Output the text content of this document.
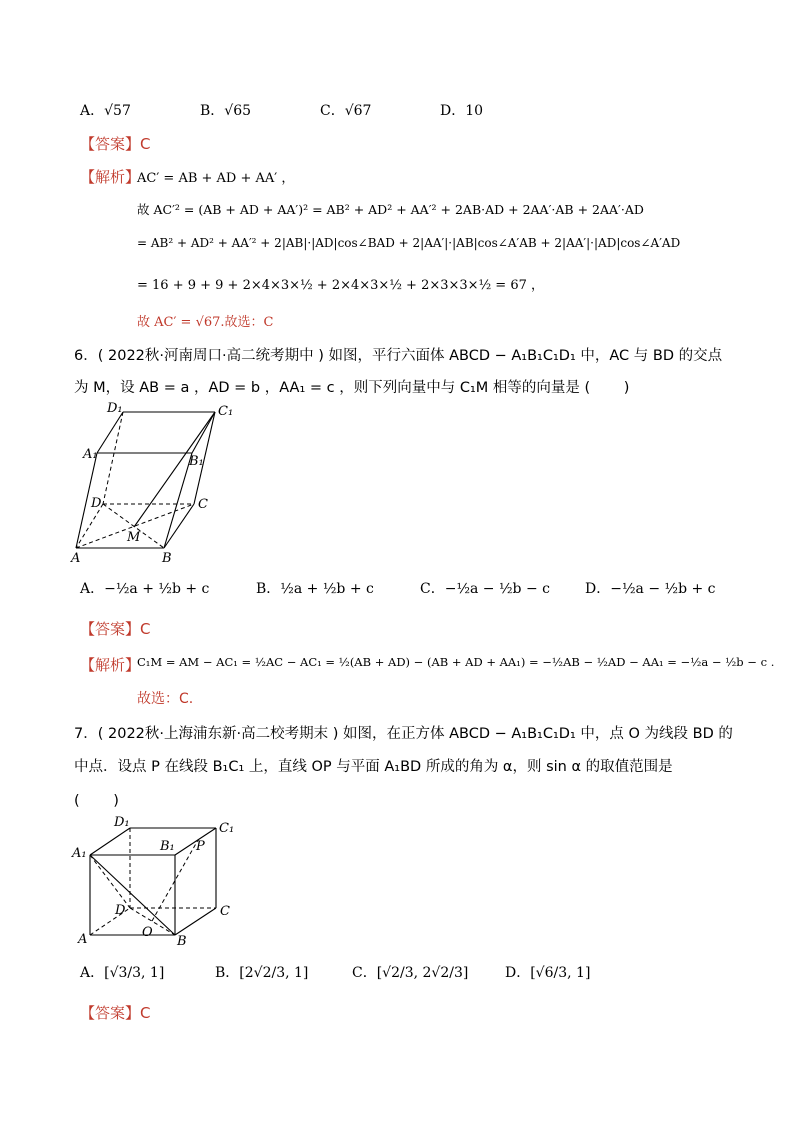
A．√57	B．√65	C．√67	D．10
【答案】C
【解析】
AC′ = AB + AD + AA′ ，
故 AC′² = (AB + AD + AA′)² = AB² + AD² + AA′² + 2AB·AD + 2AA′·AB + 2AA′·AD
= AB² + AD² + AA′² + 2|AB|·|AD|cos∠BAD + 2|AA′|·|AB|cos∠A′AB + 2|AA′|·|AD|cos∠A′AD
= 16 + 9 + 9 + 2×4×3×½ + 2×4×3×½ + 2×3×3×½ = 67 ，
故 AC′ = √67.故选：C
6．( 2022秋·河南周口·高二统考期中 ) 如图，平行六面体 ABCD − A₁B₁C₁D₁ 中，AC 与 BD 的交点
为 M，设 AB = a ，AD = b ，AA₁ = c ，则下列向量中与 C₁M 相等的向量是 (　　 )
D₁	C₁
A₁	B₁
D	C
A	B
M
A．−½a + ½b + c	B．½a + ½b + c	C．−½a − ½b − c	D．−½a − ½b + c
【答案】C
【解析】
C₁M = AM − AC₁ = ½AC − AC₁ = ½(AB + AD) − (AB + AD + AA₁) = −½AB − ½AD − AA₁ = −½a − ½b − c .
故选：C.
7．( 2022秋·上海浦东新·高二校考期末 ) 如图，在正方体 ABCD − A₁B₁C₁D₁ 中，点 O 为线段 BD 的
中点．设点 P 在线段 B₁C₁ 上，直线 OP 与平面 A₁BD 所成的角为 α，则 sin α 的取值范围是
(　　 )
D₁	C₁
A₁	B₁ P
D	C
A	B
O
A．[√3/3, 1]	B．[2√2/3, 1]	C．[√2/3, 2√2/3]	D．[√6/3, 1]
【答案】C
